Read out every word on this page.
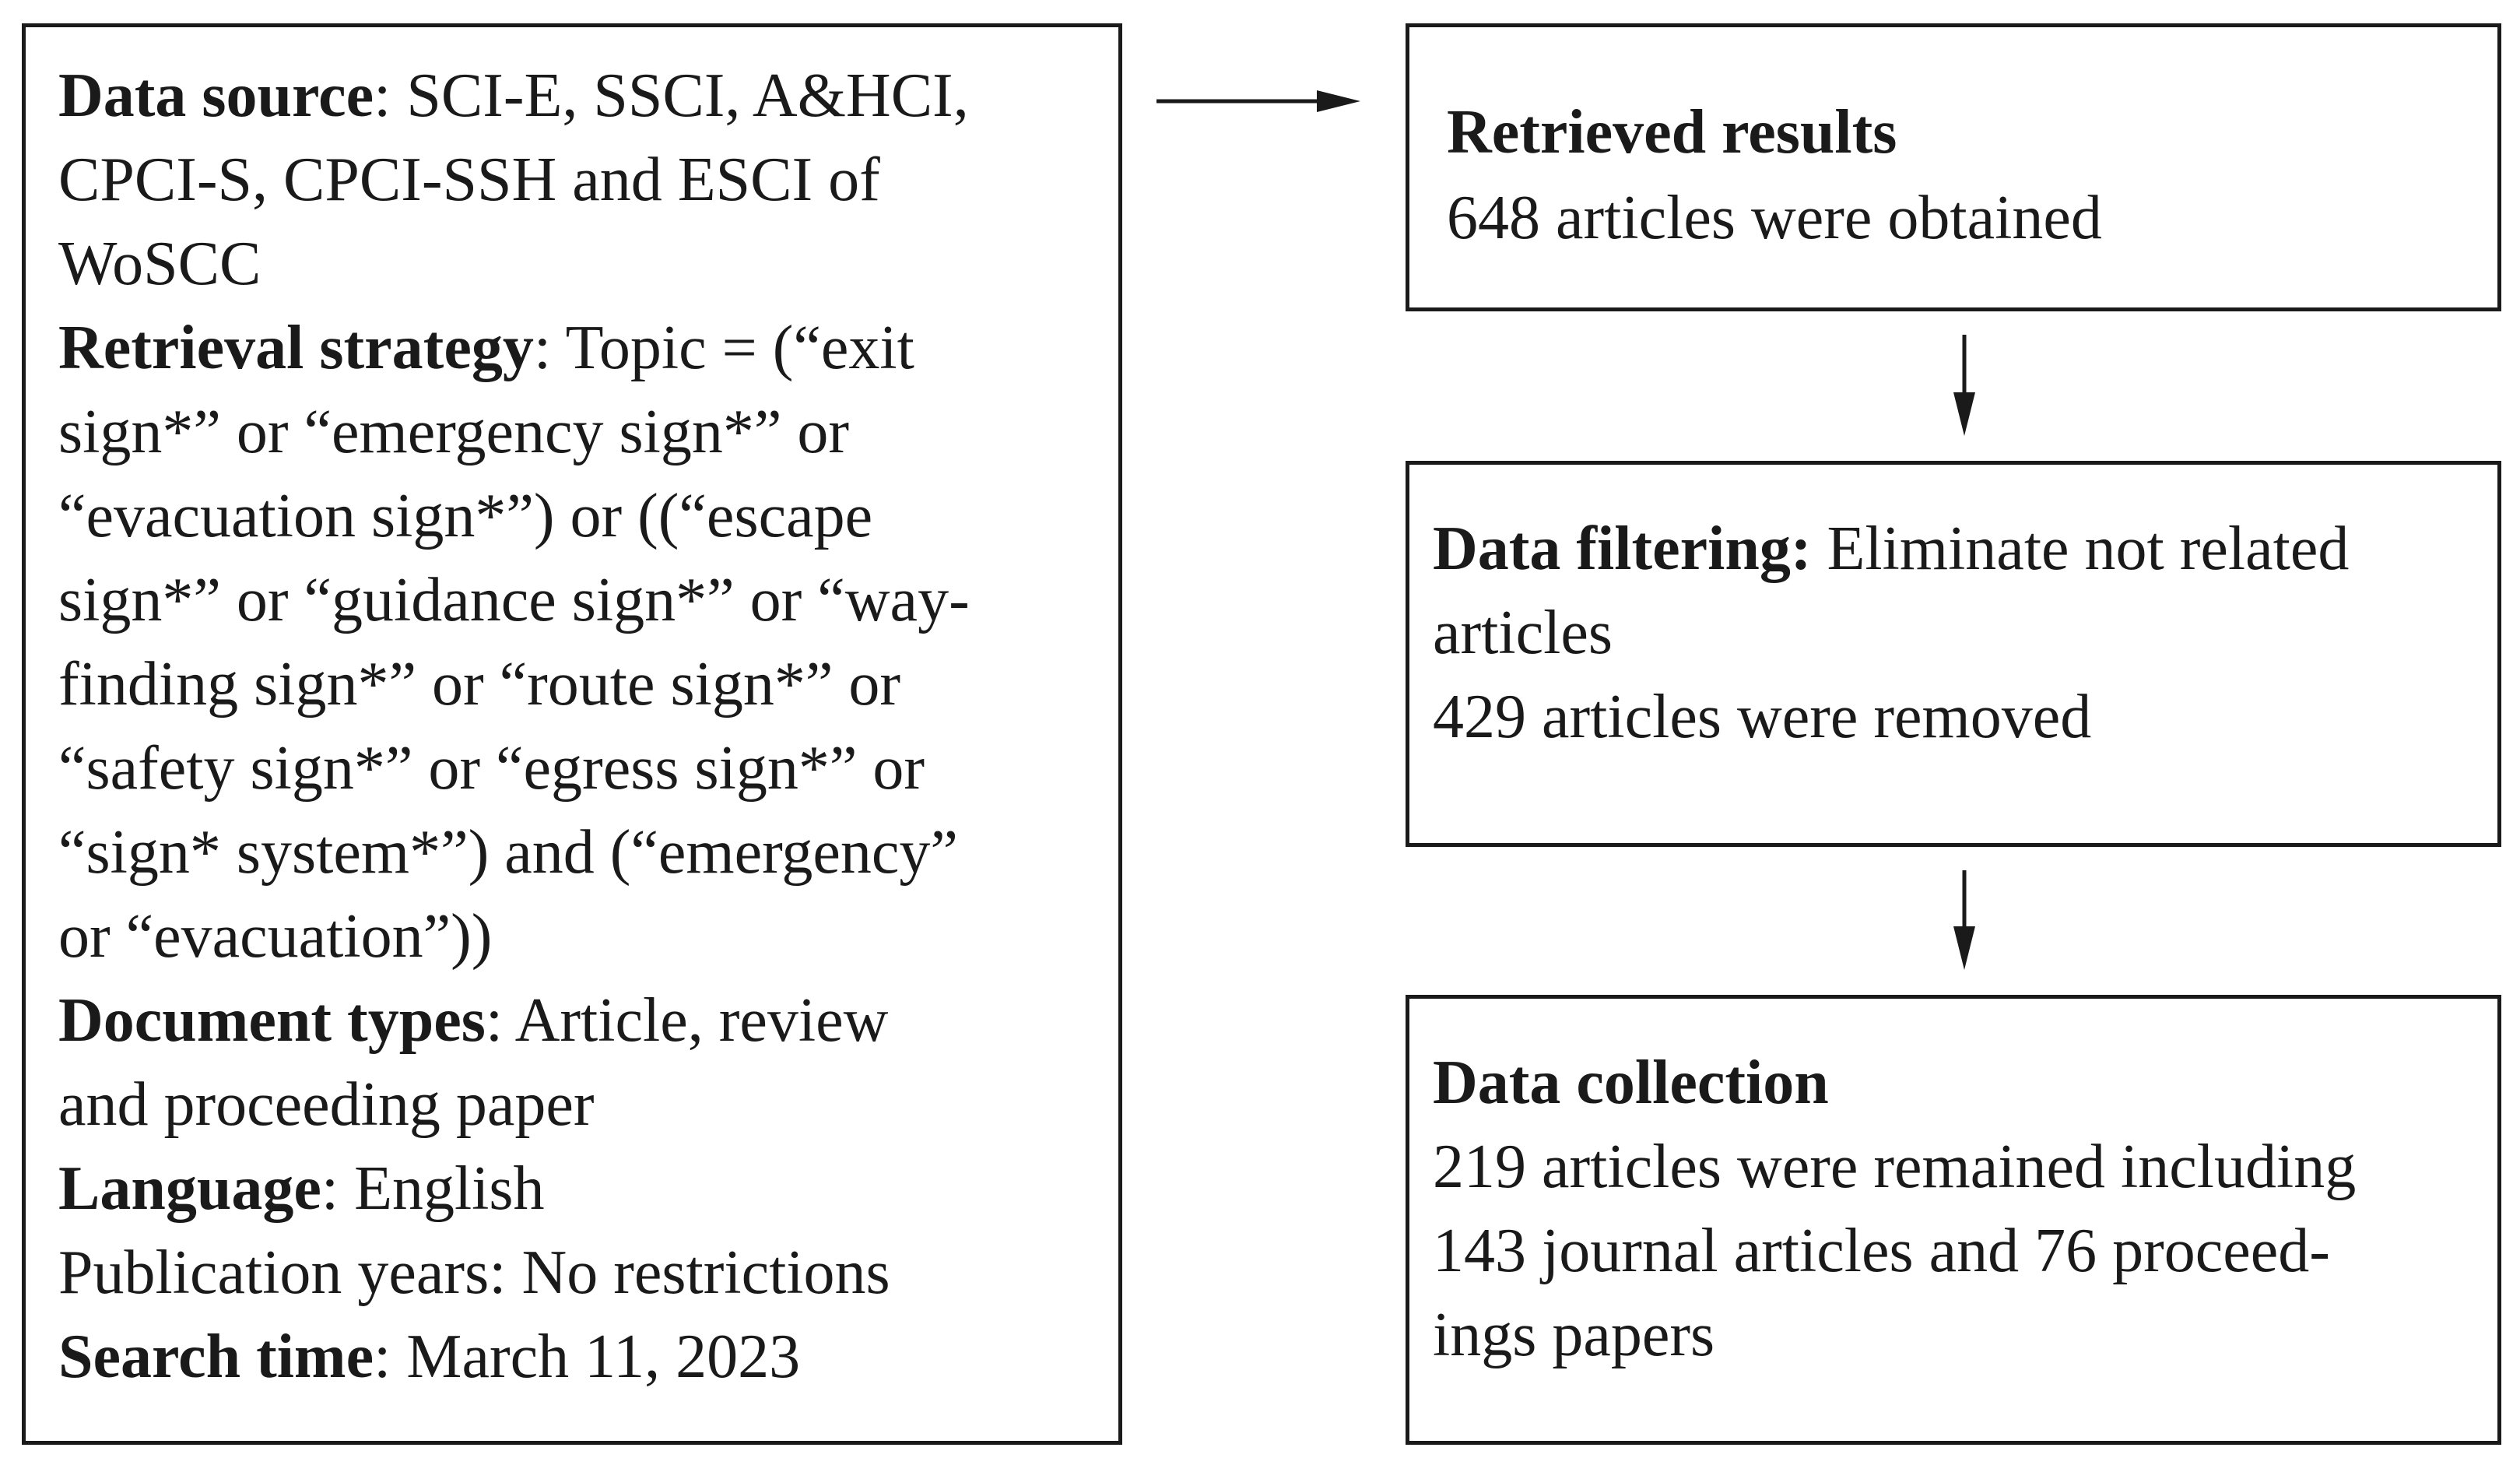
Data source: SCI-E, SSCI, A&HCI,
CPCI-S, CPCI-SSH and ESCI of
WoSCC
Retrieval strategy: Topic = (“exit
sign*” or “emergency sign*” or
“evacuation sign*”) or ((“escape
sign*” or “guidance sign*” or “way-
finding sign*” or “route sign*” or
“safety sign*” or “egress sign*” or
“sign* system*”) and (“emergency”
or “evacuation”))
Document types: Article, review
and proceeding paper
Language: English
Publication years: No restrictions
Search time: March 11, 2023
Retrieved results
648 articles were obtained
Data filtering: Eliminate not related
articles
429 articles were removed
Data collection
219 articles were remained including
143 journal articles and 76 proceed-
ings papers
